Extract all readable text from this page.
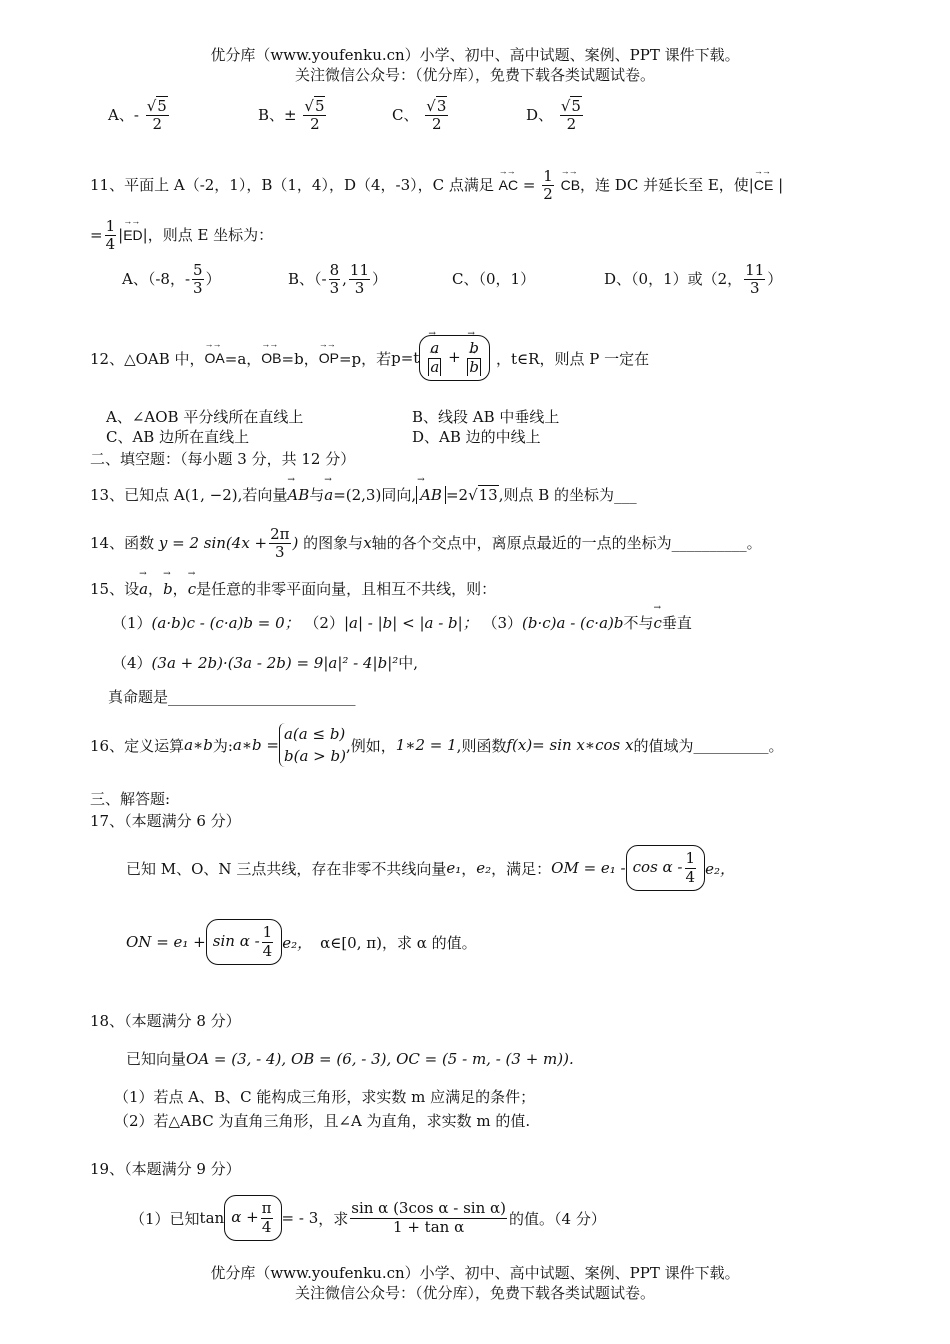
优分库（www.youfenku.cn）小学、初中、高中试题、案例、PPT 课件下载。
关注微信公众号：（优分库），免费下载各类试题试卷。
A、- $\frac{√5}{2}$	B、± $\frac{√5}{2}$	C、 $\frac{√3}{2}$	D、 $\frac{√5}{2}$
11、平面上 A（-2，1），B（1，4），D（4，-3），C 点满足 →→ AC = $\frac{1}{2}$ →→ CB，连 DC 并延长至 E，使|→→ CE |
= $\frac{1}{4}$ |→→ ED|，则点 E 坐标为：
A、（-8，- $\frac{5}{3}$ ）	B、（- $\frac{8}{3}$ , $\frac{11}{3}$ ）	C、（0，1）	D、（0，1）或（2， $\frac{11}{3}$ ）
12、△OAB 中， →→ OA =a， →→ OB =b， →→ OP =p，若 p =t → a
→ a + → b
→ b ，t∈R，则点 P 一定在
A、∠AOB 平分线所在直线上	B、线段 AB 中垂线上
C、AB 边所在直线上	D、AB 边的中线上
二、填空题：（每小题 3 分，共 12 分）
13、已知点 A(1, −2),若向量→ AB与→ a=(2,3)同向, → AB =2√13,则点 B 的坐标为___
14、函数 y = 2 $\sin(4x + \frac{2\pi}{3}$ ) 的图象与x轴的各个交点中，离原点最近的一点的坐标为__________。
15、设→ a，→ b，→ c是任意的非零平面向量，且相互不共线，则：
（1）(a·b)c - (c·a)b = 0； （2）|a| - |b| < |a - b|； （3）(b·c)a - (c·a)b不与→ c垂直
（4）(3a + 2b)·(3a - 2b) = 9|a|² - 4|b|²中,
真命题是_________________________
16、定义运算 a∗b 为: a∗b =
a(a ≤ b)
b(a > b)
,例如， 1∗2 = 1 ,则函数 f(x)= sin x∗cos x 的值域为 __________ 。
三、解答题:
17、（本题满分 6 分）
已知 M、O、N 三点共线，存在非零不共线向量 e₁ ， e₂ ，满足： OM = e₁ - cos α - $\frac{1}{4} e_2$，
ON = $e_1 + \sin \alpha - \frac{1}{4} e_2$， α∈[0, π)，求 α 的值。
18、（本题满分 8 分）
已知向量OA = (3, - 4), OB = (6, - 3), OC = (5 - m, - (3 + m)).
（1）若点 A、B、C 能构成三角形，求实数 m 应满足的条件；
（2）若△ABC 为直角三角形，且∠A 为直角，求实数 m 的值.
19、（本题满分 9 分）
（1）已知 $\tan \alpha + \frac{\pi}{4}$ = - 3 ，求 $\frac{\text{sin α (3cos α - sin α)}}{\text{1 + tan α}}$ 的值。（4 分）
优分库（www.youfenku.cn）小学、初中、高中试题、案例、PPT 课件下载。
关注微信公众号：（优分库），免费下载各类试题试卷。
